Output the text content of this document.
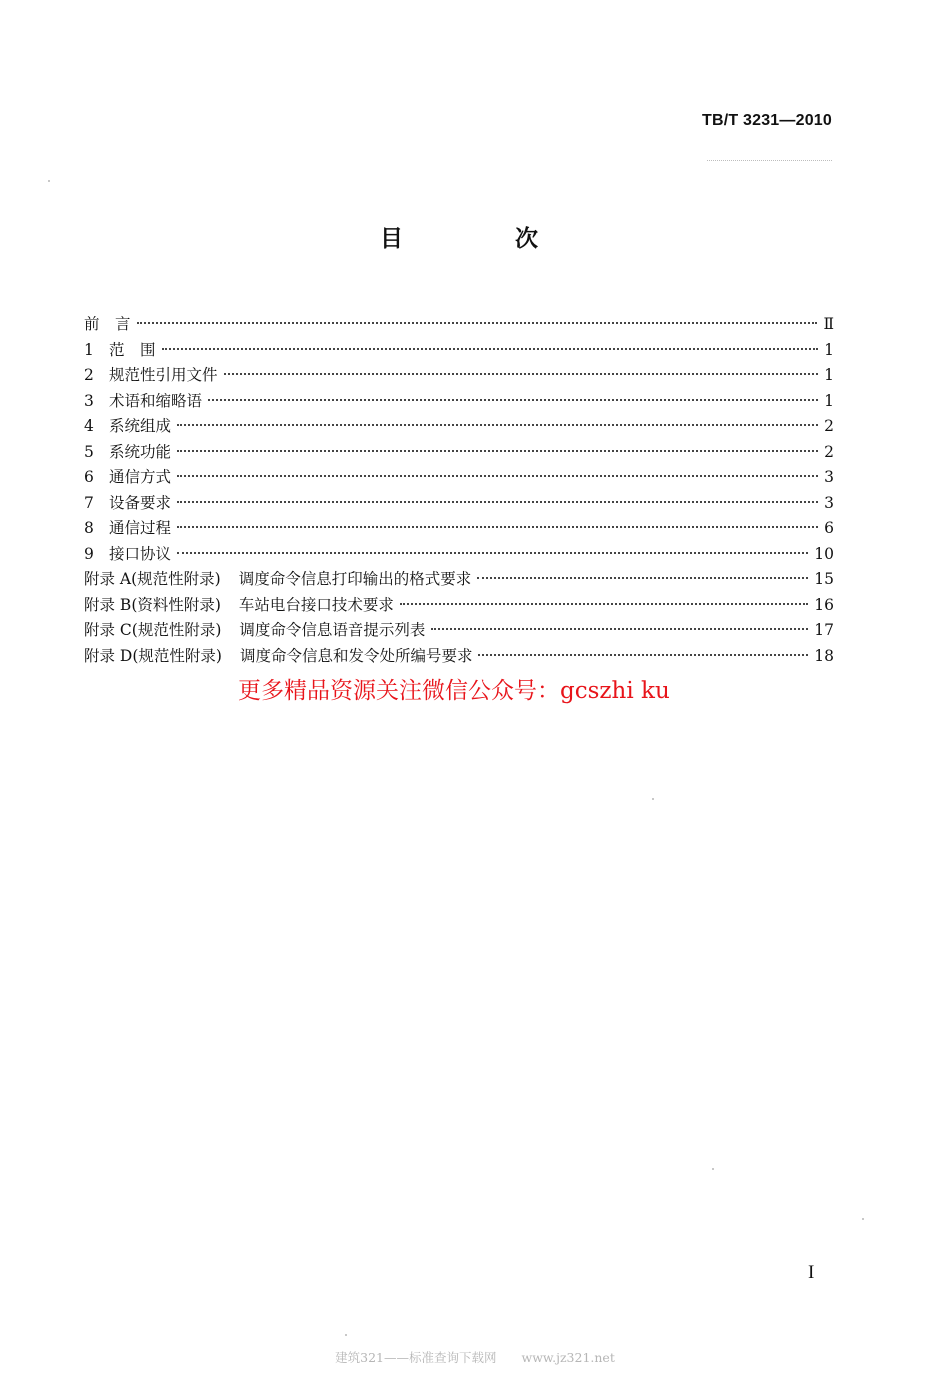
TB/T 3231—2010
目 次
前　言	Ⅱ
1 范　围	1
2 规范性引用文件	1
3 术语和缩略语	1
4 系统组成	2
5 系统功能	2
6 通信方式	3
7 设备要求	3
8 通信过程	6
9 接口协议	10
附录 A(规范性附录) 调度命令信息打印输出的格式要求	15
附录 B(资料性附录) 车站电台接口技术要求	16
附录 C(规范性附录) 调度命令信息语音提示列表	17
附录 D(规范性附录) 调度命令信息和发令处所编号要求	18
更多精品资源关注微信公众号：gcszhi ku
I
建筑321——标准查询下载网　　www.jz321.net
